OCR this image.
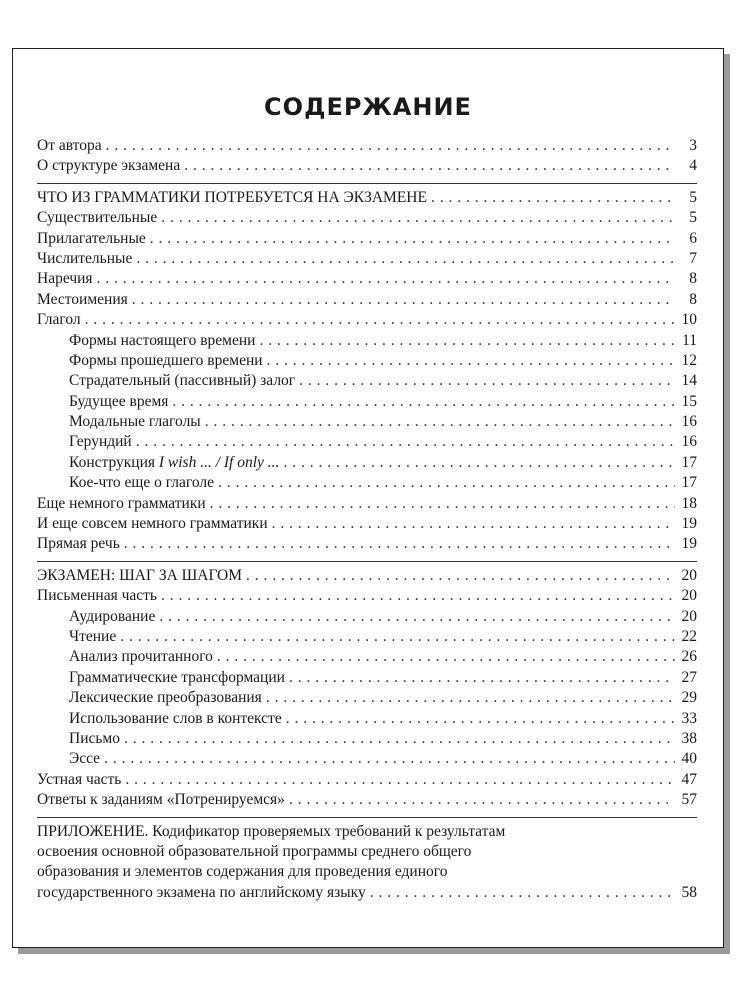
СОДЕРЖАНИЕ
От автора . . .	3
О структуре экзамена . . .	4
ЧТО ИЗ ГРАММАТИКИ ПОТРЕБУЕТСЯ НА ЭКЗАМЕНЕ . . .	5
Существительные . . .	5
Прилагательные . . .	6
Числительные . . .	7
Наречия . . .	8
Местоимения . . .	8
Глагол . . .	10
Формы настоящего времени . . .	11
Формы прошедшего времени . . .	12
Страдательный (пассивный) залог . . .	14
Будущее время . . .	15
Модальные глаголы . . .	16
Герундий . . .	16
Конструкция I wish ... / If only ... . . .	17
Кое-что еще о глаголе . . .	17
Еще немного грамматики . . .	18
И еще совсем немного грамматики . . .	19
Прямая речь . . .	19
ЭКЗАМЕН: ШАГ ЗА ШАГОМ . . .	20
Письменная часть . . .	20
Аудирование . . .	20
Чтение . . .	22
Анализ прочитанного . . .	26
Грамматические трансформации . . .	27
Лексические преобразования . . .	29
Использование слов в контексте . . .	33
Письмо . . .	38
Эссе . . .	40
Устная часть . . .	47
Ответы к заданиям «Потренируемся» . . .	57
ПРИЛОЖЕНИЕ. Кодификатор проверяемых требований к результатам
освоения основной образовательной программы среднего общего
образования и элементов содержания для проведения единого
государственного экзамена по английскому языку . . .	58
